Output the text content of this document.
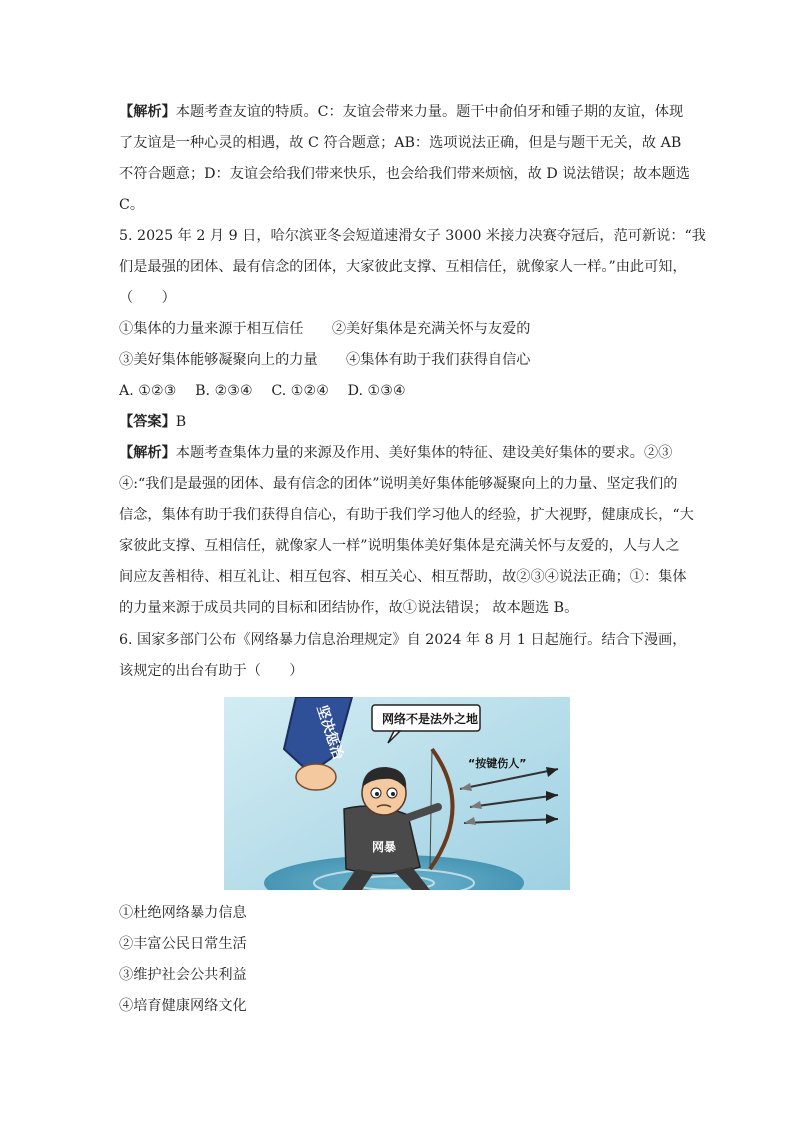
【解析】本题考查友谊的特质。C：友谊会带来力量。题干中俞伯牙和锺子期的友谊，体现
了友谊是一种心灵的相遇，故 C 符合题意；AB：选项说法正确，但是与题干无关，故 AB
不符合题意；D：友谊会给我们带来快乐，也会给我们带来烦恼，故 D 说法错误；故本题选
C。
5. 2025 年 2 月 9 日，哈尔滨亚冬会短道速滑女子 3000 米接力决赛夺冠后，范可新说：“我
们是最强的团体、最有信念的团体，大家彼此支撑、互相信任，就像家人一样。”由此可知，
（　　）
①集体的力量来源于相互信任　　②美好集体是充满关怀与友爱的
③美好集体能够凝聚向上的力量　　④集体有助于我们获得自信心
A. ①②③　 B. ②③④　 C. ①②④　 D. ①③④
【答案】B
【解析】本题考查集体力量的来源及作用、美好集体的特征、建设美好集体的要求。②③
④:“我们是最强的团体、最有信念的团体”说明美好集体能够凝聚向上的力量、坚定我们的
信念，集体有助于我们获得自信心，有助于我们学习他人的经验，扩大视野，健康成长，“大
家彼此支撑、互相信任，就像家人一样”说明集体美好集体是充满关怀与友爱的，人与人之
间应友善相待、相互礼让、相互包容、相互关心、相互帮助，故②③④说法正确；①：集体
的力量来源于成员共同的目标和团结协作，故①说法错误； 故本题选 B。
6. 国家多部门公布《网络暴力信息治理规定》自 2024 年 8 月 1 日起施行。结合下漫画，
该规定的出台有助于（　　）
坚决惩治
网暴
网络不是法外之地
“按键伤人”
①杜绝网络暴力信息
②丰富公民日常生活
③维护社会公共利益
④培育健康网络文化
